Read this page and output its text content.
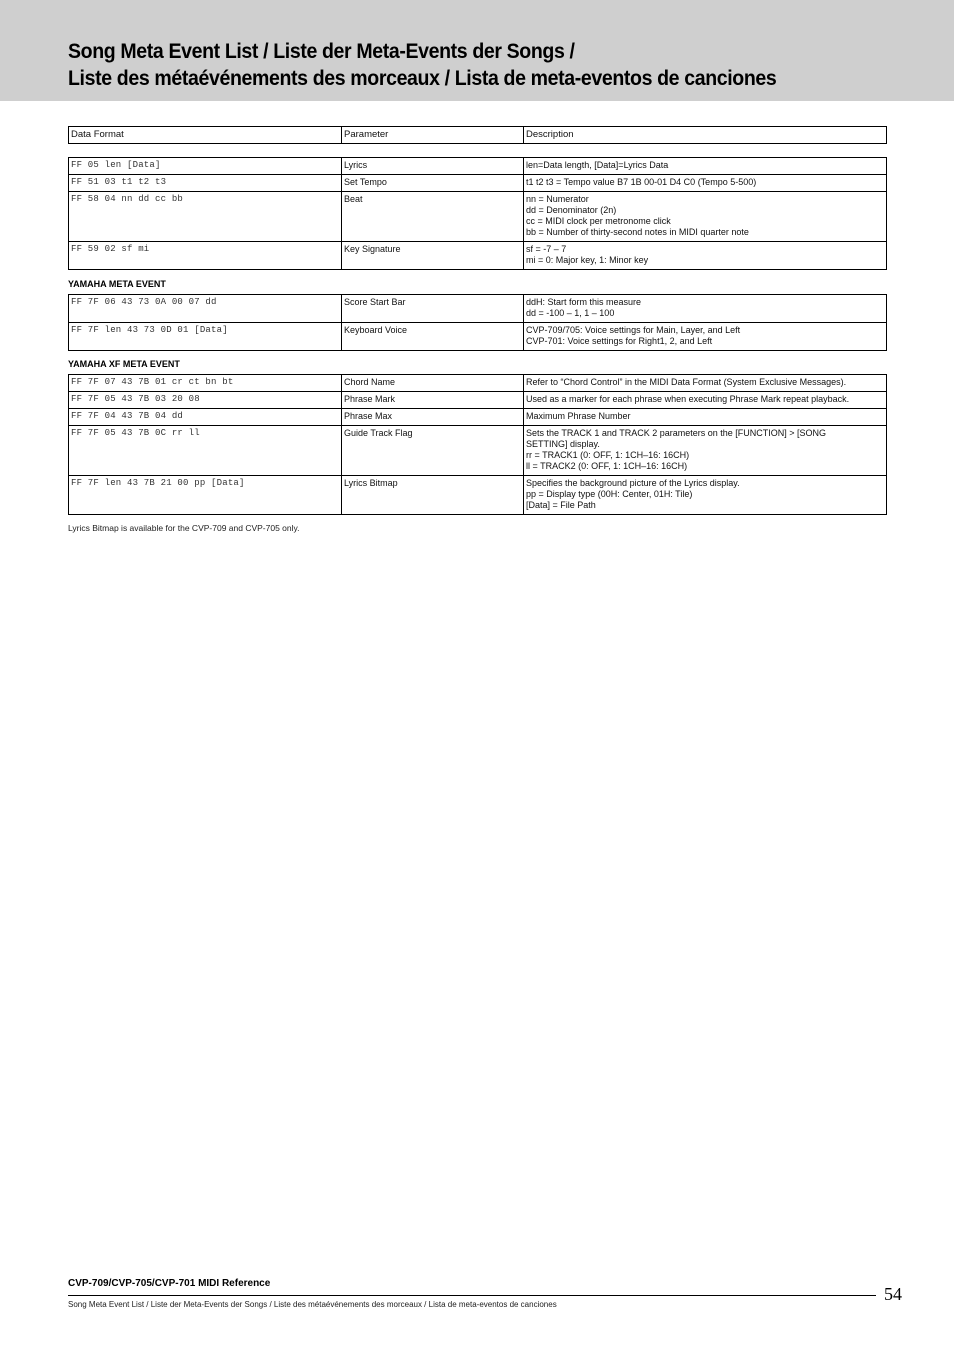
Song Meta Event List / Liste der Meta-Events der Songs /
Liste des métaévénements des morceaux / Lista de meta-eventos de canciones
Data Format	Parameter	Description
FF 05 len [Data]	Lyrics	len=Data length, [Data]=Lyrics Data

FF 51 03 t1 t2 t3	Set Tempo	t1 t2 t3 = Tempo value B7 1B 00-01 D4 C0 (Tempo 5-500)

FF 58 04 nn dd cc bb	Beat	nn = Numerator
dd = Denominator (2n)
cc = MIDI clock per metronome click
bb = Number of thirty-second notes in MIDI quarter note

FF 59 02 sf mi	Key Signature	sf = -7 – 7
mi = 0: Major key, 1: Minor key
YAMAHA META EVENT
FF 7F 06 43 73 0A 00 07 dd	Score Start Bar	ddH: Start form this measure
dd = -100 – 1, 1 – 100

FF 7F len 43 73 0D 01 [Data]	Keyboard Voice	CVP-709/705: Voice settings for Main, Layer, and Left
CVP-701: Voice settings for Right1, 2, and Left
YAMAHA XF META EVENT
FF 7F 07 43 7B 01 cr ct bn bt	Chord Name	Refer to “Chord Control” in the MIDI Data Format (System Exclusive Messages).

FF 7F 05 43 7B 03 20 08	Phrase Mark	Used as a marker for each phrase when executing Phrase Mark repeat playback.

FF 7F 04 43 7B 04 dd	Phrase Max	Maximum Phrase Number

FF 7F 05 43 7B 0C rr ll	Guide Track Flag	Sets the TRACK 1 and TRACK 2 parameters on the [FUNCTION] > [SONG
SETTING] display.
rr = TRACK1 (0: OFF, 1: 1CH–16: 16CH)
ll = TRACK2 (0: OFF, 1: 1CH–16: 16CH)

FF 7F len 43 7B 21 00 pp [Data]	Lyrics Bitmap	Specifies the background picture of the Lyrics display.
pp = Display type (00H: Center, 01H: Tile)
[Data] = File Path

Lyrics Bitmap is available for the CVP-709 and CVP-705 only.

CVP-709/CVP-705/CVP-701 MIDI Reference

Song Meta Event List / Liste der Meta-Events der Songs / Liste des métaévénements des morceaux / Lista de meta-eventos de canciones

54
